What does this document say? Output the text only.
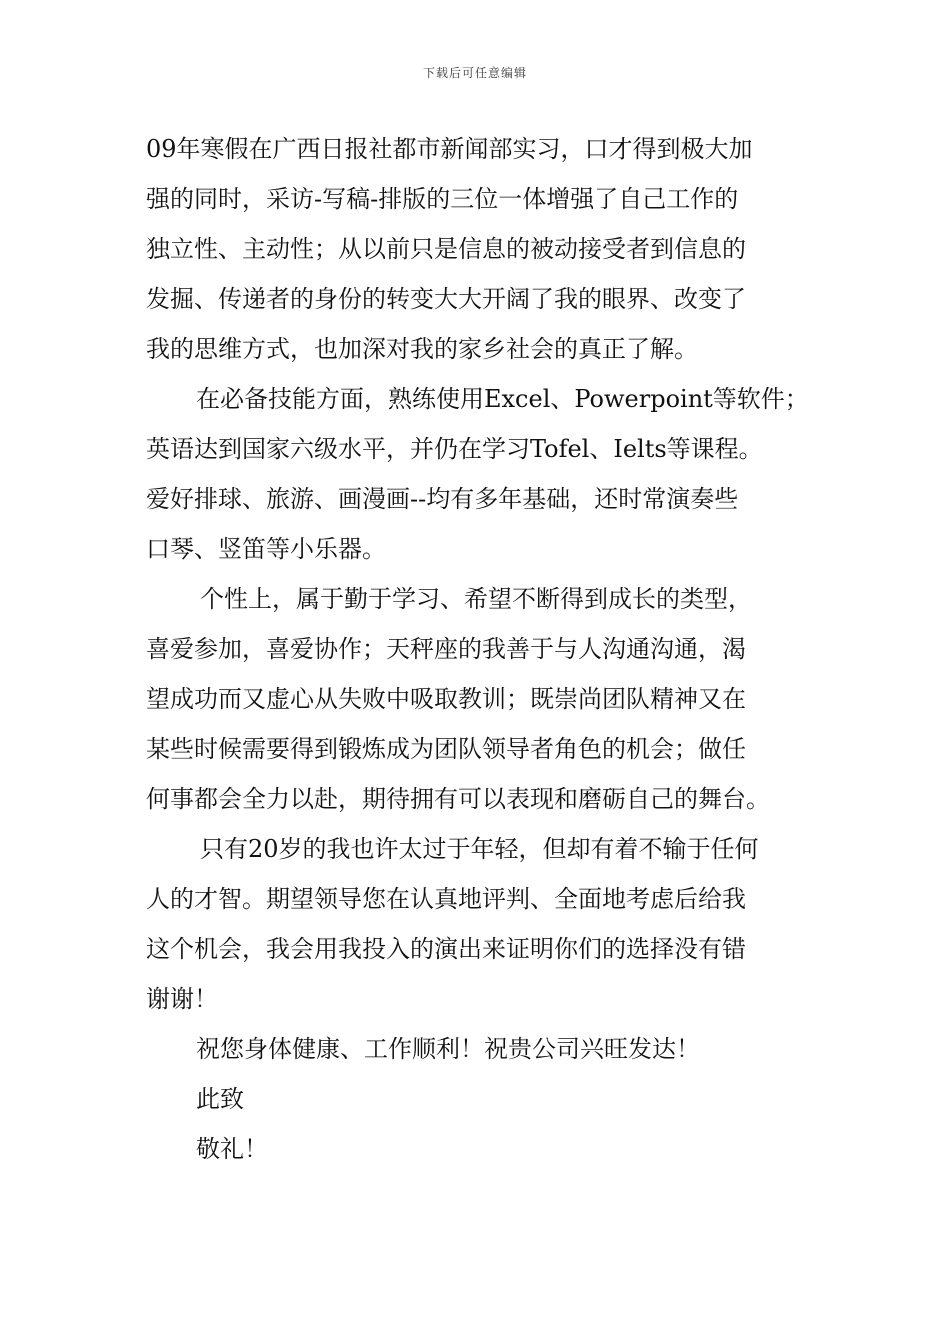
下载后可任意编辑
09年寒假在广西日报社都市新闻部实习，口才得到极大加
强的同时，采访-写稿-排版的三位一体增强了自己工作的
独立性、主动性；从以前只是信息的被动接受者到信息的
发掘、传递者的身份的转变大大开阔了我的眼界、改变了
我的思维方式，也加深对我的家乡社会的真正了解。
在必备技能方面，熟练使用Excel、Powerpoint等软件；
英语达到国家六级水平，并仍在学习Tofel、Ielts等课程。
爱好排球、旅游、画漫画--均有多年基础，还时常演奏些
口琴、竖笛等小乐器。
个性上，属于勤于学习、希望不断得到成长的类型，
喜爱参加，喜爱协作；天秤座的我善于与人沟通沟通，渴
望成功而又虚心从失败中吸取教训；既崇尚团队精神又在
某些时候需要得到锻炼成为团队领导者角色的机会；做任
何事都会全力以赴，期待拥有可以表现和磨砺自己的舞台。
只有20岁的我也许太过于年轻，但却有着不输于任何
人的才智。期望领导您在认真地评判、全面地考虑后给我
这个机会，我会用我投入的演出来证明你们的选择没有错
谢谢！
祝您身体健康、工作顺利！祝贵公司兴旺发达！
此致
敬礼！
